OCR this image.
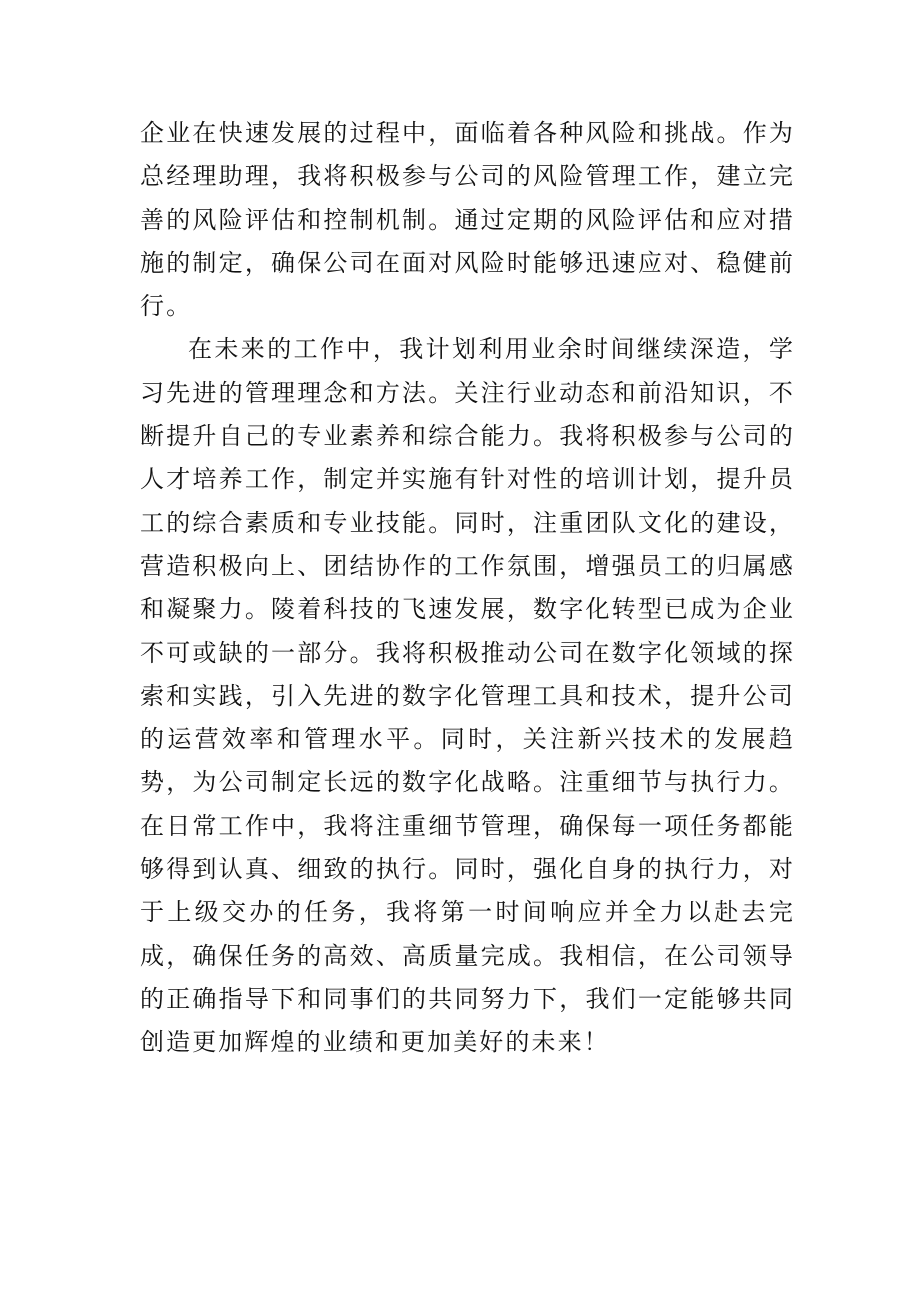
企业在快速发展的过程中，面临着各种风险和挑战。作为总经理助理，我将积极参与公司的风险管理工作，建立完善的风险评估和控制机制。通过定期的风险评估和应对措施的制定，确保公司在面对风险时能够迅速应对、稳健前行。

在未来的工作中，我计划利用业余时间继续深造，学习先进的管理理念和方法。关注行业动态和前沿知识，不断提升自己的专业素养和综合能力。我将积极参与公司的人才培养工作，制定并实施有针对性的培训计划，提升员工的综合素质和专业技能。同时，注重团队文化的建设，营造积极向上、团结协作的工作氛围，增强员工的归属感和凝聚力。陵着科技的飞速发展，数字化转型已成为企业不可或缺的一部分。我将积极推动公司在数字化领域的探索和实践，引入先进的数字化管理工具和技术，提升公司的运营效率和管理水平。同时，关注新兴技术的发展趋势，为公司制定长远的数字化战略。注重细节与执行力。在日常工作中，我将注重细节管理，确保每一项任务都能够得到认真、细致的执行。同时，强化自身的执行力，对于上级交办的任务，我将第一时间响应并全力以赴去完成，确保任务的高效、高质量完成。我相信，在公司领导的正确指导下和同事们的共同努力下，我们一定能够共同创造更加辉煌的业绩和更加美好的未来！
